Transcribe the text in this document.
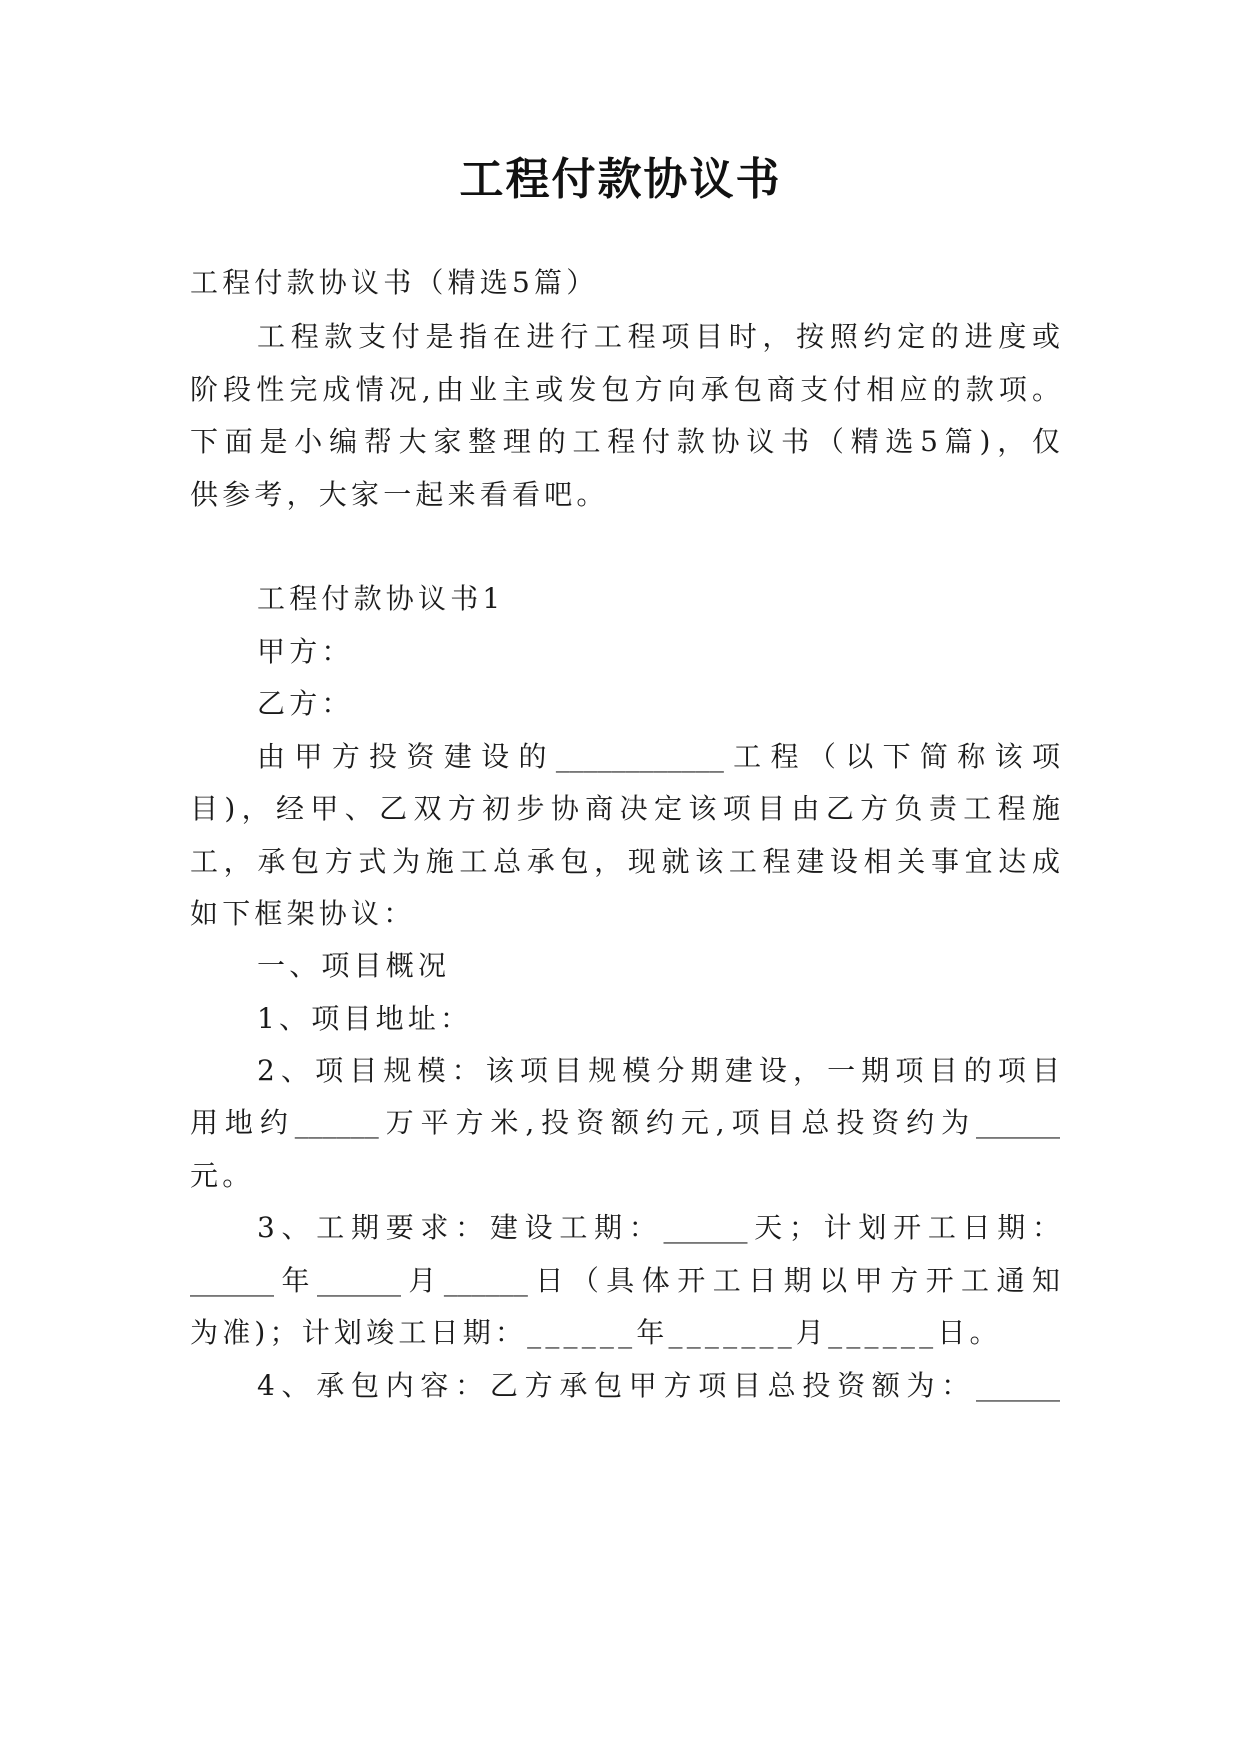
工程付款协议书
工程付款协议书（精选5篇）
工程款支付是指在进行工程项目时，按照约定的进度或
阶段性完成情况,由业主或发包方向承包商支付相应的款项。
下面是小编帮大家整理的工程付款协议书（精选5篇)，仅
供参考，大家一起来看看吧。
工程付款协议书1
甲方：
乙方：
由甲方投资建设的____________工程（以下简称该项
目)，经甲、乙双方初步协商决定该项目由乙方负责工程施
工，承包方式为施工总承包，现就该工程建设相关事宜达成
如下框架协议：
一、项目概况
1、项目地址：
2、项目规模：该项目规模分期建设，一期项目的项目
用地约______万平方米,投资额约元,项目总投资约为______
元。
3、工期要求：建设工期：______天；计划开工日期：
______年______月______日（具体开工日期以甲方开工通知
为准)；计划竣工日期：______年_______月______日。
4、承包内容：乙方承包甲方项目总投资额为：______
